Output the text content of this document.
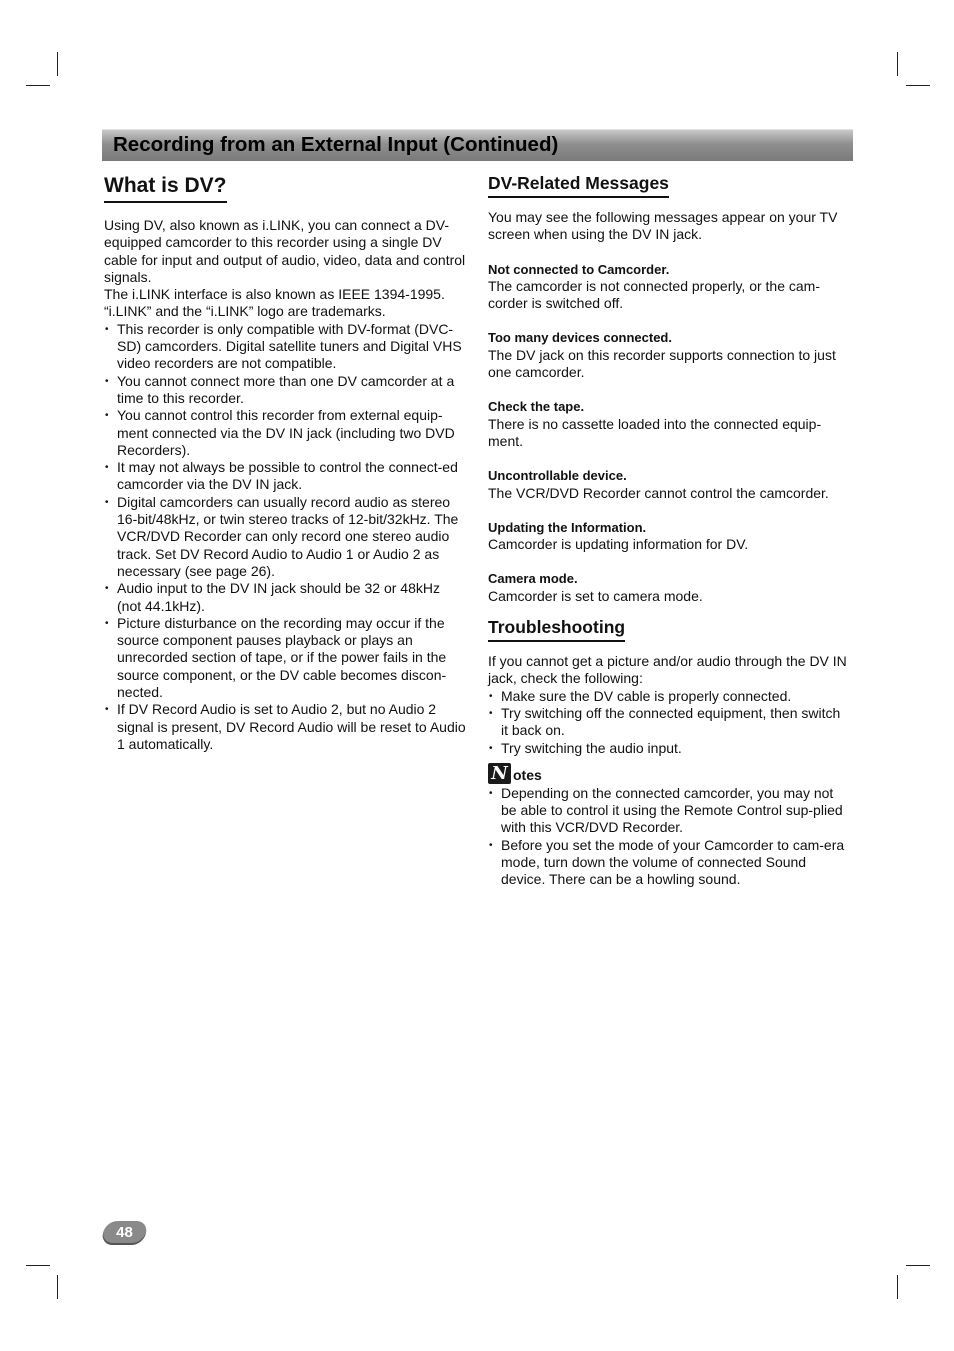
Recording from an External Input (Continued)
What is DV?

Using DV, also known as i.LINK, you can connect a DV-equipped camcorder to this recorder using a single DV cable for input and output of audio, video, data and control signals.

The i.LINK interface is also known as IEEE 1394-1995.

“i.LINK” and the “i.LINK” logo are trademarks.

• This recorder is only compatible with DV-format (DVC-SD) camcorders. Digital satellite tuners and Digital VHS video recorders are not compatible.
• You cannot connect more than one DV camcorder at a time to this recorder.
• You cannot control this recorder from external equip-ment connected via the DV IN jack (including two DVD Recorders).
• It may not always be possible to control the connect-ed camcorder via the DV IN jack.
• Digital camcorders can usually record audio as stereo 16-bit/48kHz, or twin stereo tracks of 12-bit/32kHz. The VCR/DVD Recorder can only record one stereo audio track. Set DV Record Audio to Audio 1 or Audio 2 as necessary (see page 26).
• Audio input to the DV IN jack should be 32 or 48kHz (not 44.1kHz).
• Picture disturbance on the recording may occur if the source component pauses playback or plays an unrecorded section of tape, or if the power fails in the source component, or the DV cable becomes discon-nected.
• If DV Record Audio is set to Audio 2, but no Audio 2 signal is present, DV Record Audio will be reset to Audio 1 automatically.
DV-Related Messages

You may see the following messages appear on your TV screen when using the DV IN jack.

Not connected to Camcorder.

The camcorder is not connected properly, or the cam-corder is switched off.

Too many devices connected.

The DV jack on this recorder supports connection to just one camcorder.

Check the tape.

There is no cassette loaded into the connected equip-ment.

Uncontrollable device.

The VCR/DVD Recorder cannot control the camcorder.

Updating the Information.

Camcorder is updating information for DV.

Camera mode.

Camcorder is set to camera mode.

Troubleshooting

If you cannot get a picture and/or audio through the DV IN jack, check the following:

• Make sure the DV cable is properly connected.
• Try switching off the connected equipment, then switch it back on.
• Try switching the audio input.
N otes
• Depending on the connected camcorder, you may not be able to control it using the Remote Control sup-plied with this VCR/DVD Recorder.
• Before you set the mode of your Camcorder to cam-era mode, turn down the volume of connected Sound device. There can be a howling sound.
48
